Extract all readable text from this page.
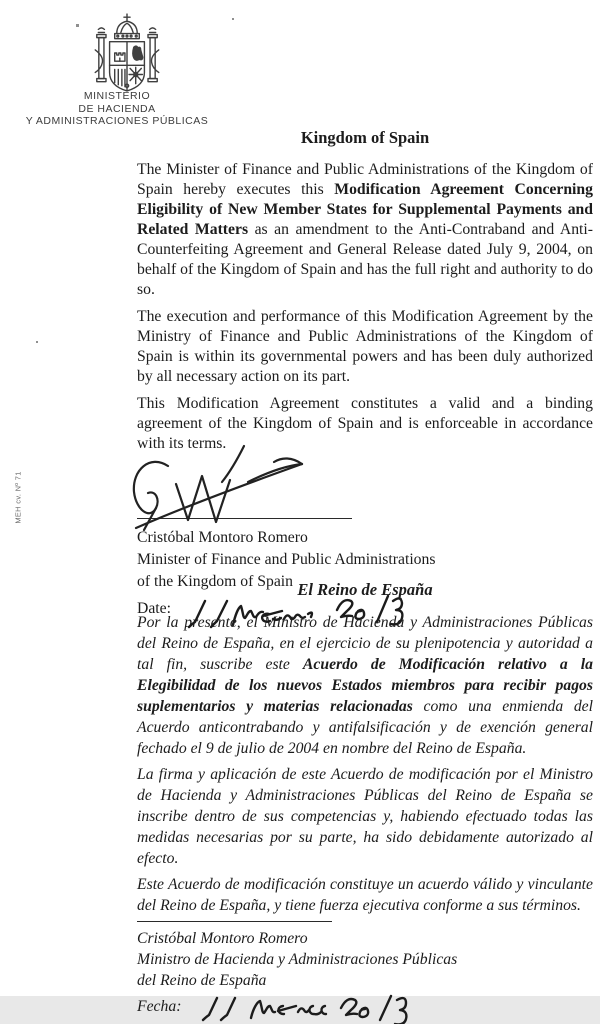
MINISTERIO
DE HACIENDA
Y ADMINISTRACIONES PÚBLICAS
MEH cv. Nº 71
Kingdom of Spain

The Minister of Finance and Public Administrations of the Kingdom of Spain hereby executes this Modification Agreement Concerning Eligibility of New Member States for Supplemental Payments and Related Matters as an amendment to the Anti-Contraband and Anti-Counterfeiting Agreement and General Release dated July 9, 2004, on behalf of the Kingdom of Spain and has the full right and authority to do so.

The execution and performance of this Modification Agreement by the Ministry of Finance and Public Administrations of the Kingdom of Spain is within its governmental powers and has been duly authorized by all necessary action on its part.

This Modification Agreement constitutes a valid and a binding agreement of the Kingdom of Spain and is enforceable in accordance with its terms.

Cristóbal Montoro Romero
Minister of Finance and Public Administrations
of the Kingdom of Spain
Date:
El Reino de España

Por la presente, el Ministro de Hacienda y Administraciones Públicas del Reino de España, en el ejercicio de su plenipotencia y autoridad a tal fin, suscribe este Acuerdo de Modificación relativo a la Elegibilidad de los nuevos Estados miembros para recibir pagos suplementarios y materias relacionadas como una enmienda del Acuerdo anticontrabando y antifalsificación y de exención general fechado el 9 de julio de 2004 en nombre del Reino de España.

La firma y aplicación de este Acuerdo de modificación por el Ministro de Hacienda y Administraciones Públicas del Reino de España se inscribe dentro de sus competencias y, habiendo efectuado todas las medidas necesarias por su parte, ha sido debidamente autorizado al efecto.

Este Acuerdo de modificación constituye un acuerdo válido y vinculante del Reino de España, y tiene fuerza ejecutiva conforme a sus términos.

Cristóbal Montoro Romero
Ministro de Hacienda y Administraciones Públicas
del Reino de España
Fecha:
